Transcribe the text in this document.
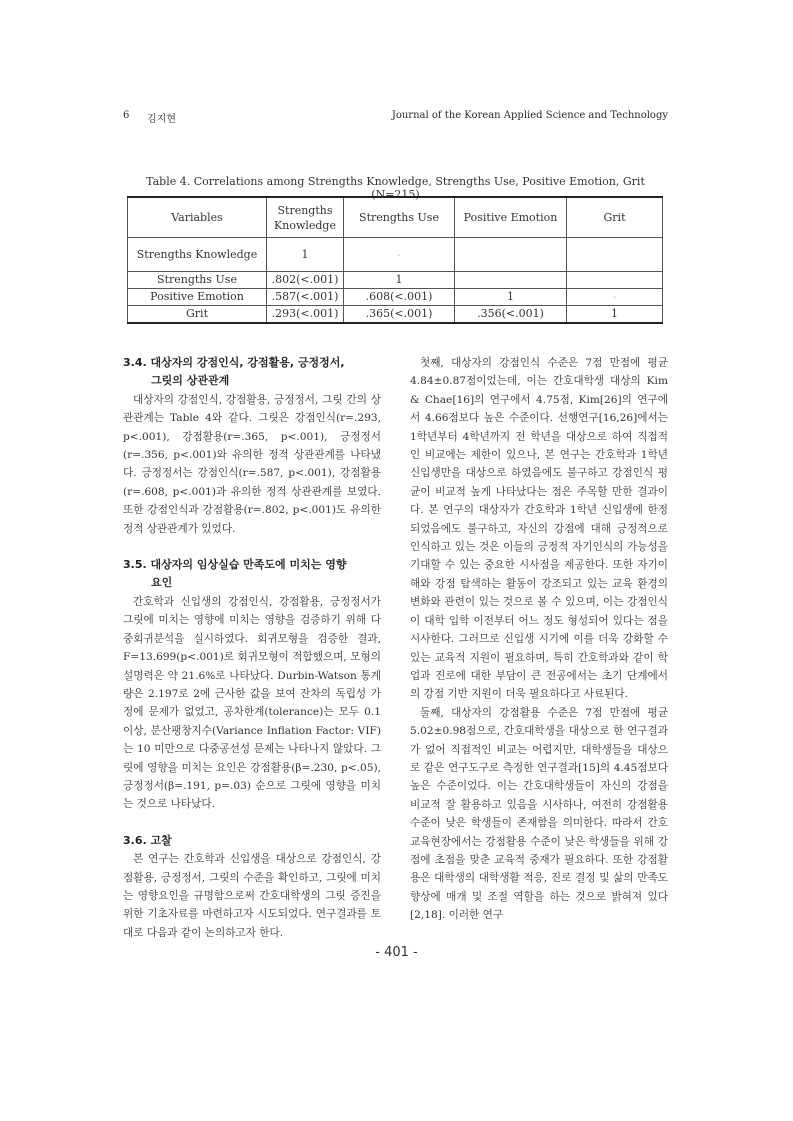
6 김지현	Journal of the Korean Applied Science and Technology
Table 4. Correlations among Strengths Knowledge, Strengths Use, Positive Emotion, Grit (N=215)
Variables	Strengths Knowledge	Strengths Use	Positive Emotion	Grit
Strengths Knowledge	1	-		
Strengths Use	.802(<.001)	1		
Positive Emotion	.587(<.001)	.608(<.001)	1	-
Grit	.293(<.001)	.365(<.001)	.356(<.001)	1
3.4. 대상자의 강점인식, 강점활용, 긍정정서,
그릿의 상관관계

대상자의 강점인식, 강점활용, 긍정정서, 그릿 간의 상관관계는 Table 4와 같다. 그릿은 강점인식(r=.293, p<.001), 강점활용(r=.365, p<.001), 긍정정서(r=.356, p<.001)와 유의한 정적 상관관계를 나타냈다. 긍정정서는 강점인식(r=.587, p<.001), 강점활용(r=.608, p<.001)과 유의한 정적 상관관계를 보였다. 또한 강점인식과 강점활용(r=.802, p<.001)도 유의한 정적 상관관계가 있었다.

3.5. 대상자의 임상실습 만족도에 미치는 영향
요인

간호학과 신입생의 강점인식, 강점활용, 긍정정서가 그릿에 미치는 영향에 미치는 영향을 검증하기 위해 다중회귀분석을 실시하였다. 회귀모형을 검증한 결과, F=13.699(p<.001)로 회귀모형이 적합했으며, 모형의 설명력은 약 21.6%로 나타났다. Durbin-Watson 통계량은 2.197로 2에 근사한 값을 보여 잔차의 독립성 가정에 문제가 없었고, 공차한계(tolerance)는 모두 0.1 이상, 분산팽창지수(Variance Inflation Factor: VIF)는 10 미만으로 다중공선성 문제는 나타나지 않았다. 그릿에 영향을 미치는 요인은 강점활용(β=.230, p<.05), 긍정정서(β=.191, p=.03) 순으로 그릿에 영향을 미치는 것으로 나타났다.

3.6. 고찰

본 연구는 간호학과 신입생을 대상으로 강점인식, 강점활용, 긍정정서, 그릿의 수준을 확인하고, 그릿에 미치는 영향요인을 규명함으로써 간호대학생의 그릿 증진을 위한 기초자료를 마련하고자 시도되었다. 연구결과를 토대로 다음과 같이 논의하고자 한다.

첫째, 대상자의 강점인식 수준은 7점 만점에 평균 4.84±0.87점이었는데, 이는 간호대학생 대상의 Kim & Chae[16]의 연구에서 4.75점, Kim[26]의 연구에서 4.66점보다 높은 수준이다. 선행연구[16,26]에서는 1학년부터 4학년까지 전 학년을 대상으로 하여 직접적인 비교에는 제한이 있으나, 본 연구는 간호학과 1학년 신입생만을 대상으로 하였음에도 불구하고 강점인식 평균이 비교적 높게 나타났다는 점은 주목할 만한 결과이다. 본 연구의 대상자가 간호학과 1학년 신입생에 한정되었음에도 불구하고, 자신의 강점에 대해 긍정적으로 인식하고 있는 것은 이들의 긍정적 자기인식의 가능성을 기대할 수 있는 중요한 시사점을 제공한다. 또한 자기이해와 강점 탐색하는 활동이 강조되고 있는 교육 환경의 변화와 관련이 있는 것으로 볼 수 있으며, 이는 강점인식이 대학 입학 이전부터 어느 정도 형성되어 있다는 점을 시사한다. 그러므로 신입생 시기에 이를 더욱 강화할 수 있는 교육적 지원이 필요하며, 특히 간호학과와 같이 학업과 진로에 대한 부담이 큰 전공에서는 초기 단계에서의 강점 기반 지원이 더욱 필요하다고 사료된다.

둘째, 대상자의 강점활용 수준은 7점 만점에 평균 5.02±0.98점으로, 간호대학생을 대상으로 한 연구결과가 없어 직접적인 비교는 어렵지만, 대학생들을 대상으로 같은 연구도구로 측정한 연구결과[15]의 4.45점보다 높은 수준이었다. 이는 간호대학생들이 자신의 강점을 비교적 잘 활용하고 있음을 시사하나, 여전히 강점활용 수준이 낮은 학생들이 존재함을 의미한다. 따라서 간호 교육현장에서는 강점활용 수준이 낮은 학생들을 위해 강점에 초점을 맞춘 교육적 중재가 필요하다. 또한 강점활용은 대학생의 대학생활 적응, 진로 결정 및 삶의 만족도 향상에 매개 및 조절 역할을 하는 것으로 밝혀져 있다[2,18]. 이러한 연구

- 401 -
